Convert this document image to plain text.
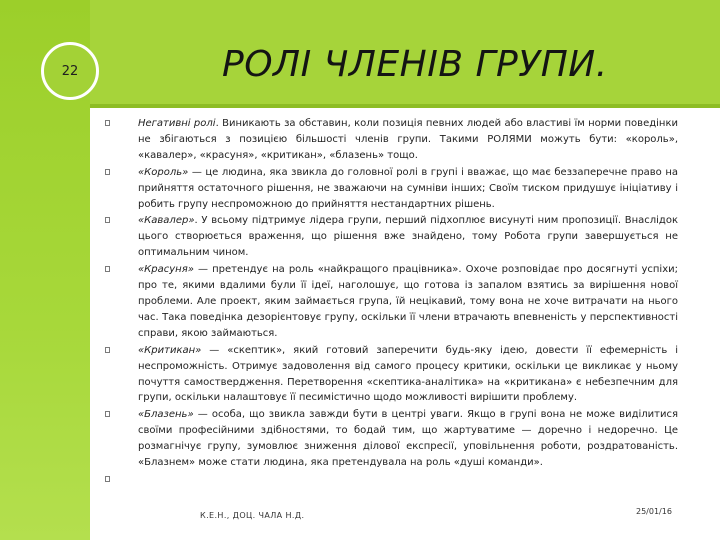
22	РОЛІ ЧЛЕНІВ ГРУПИ.
Негативні ролі. Виникають за обставин, коли позиція певних людей або властиві їм норми поведінки не збігаються з позицією більшості членів групи. Такими РОЛЯМИ можуть бути: «король», «кавалер», «красуня», «критикан», «блазень» тощо.
«Король» — це людина, яка звикла до головної ролі в групі і вважає, що має беззаперечне право на прийняття остаточного рішення, не зважаючи на сумніви інших; Своїм тиском придушує ініціативу і робить групу неспроможною до прийняття нестандартних рішень.
«Кавалер». У всьому підтримує лідера групи, перший підхоплює висунуті ним пропозиції. Внаслідок цього створюється враження, що рішення вже знайдено, тому Робота групи завершується не оптимальним чином.
«Красуня» — претендує на роль «найкращого працівника». Охоче розповідає про досягнуті успіхи; про те, якими вдалими були її ідеї, наголошує, що готова із запалом взятись за вирішення нової проблеми. Але проект, яким займається група, їй нецікавий, тому вона не хоче витрачати на нього час. Така поведінка дезорієнтовує групу, оскільки її члени втрачають впевненість у перспективності справи, якою займаються.
«Критикан» — «скептик», який готовий заперечити будь-яку ідею, довести її ефемерність і неспроможність. Отримує задоволення від самого процесу критики, оскільки це викликає у ньому почуття самоствердження. Перетворення «скептика-аналітика» на «критикана» є небезпечним для групи, оскільки налаштовує її песимістично щодо можливості вирішити проблему.
«Блазень» — особа, що звикла завжди бути в центрі уваги. Якщо в групі вона не може виділитися своїми професійними здібностями, то бодай тим, що жартуватиме — доречно і недоречно. Це розмагнічує групу, зумовлює зниження ділової експресії, уповільнення роботи, роздратованість. «Блазнем» може стати людина, яка претендувала на роль «душі команди».

К.Е.Н., ДОЦ. ЧАЛА Н.Д.	25/01/16
